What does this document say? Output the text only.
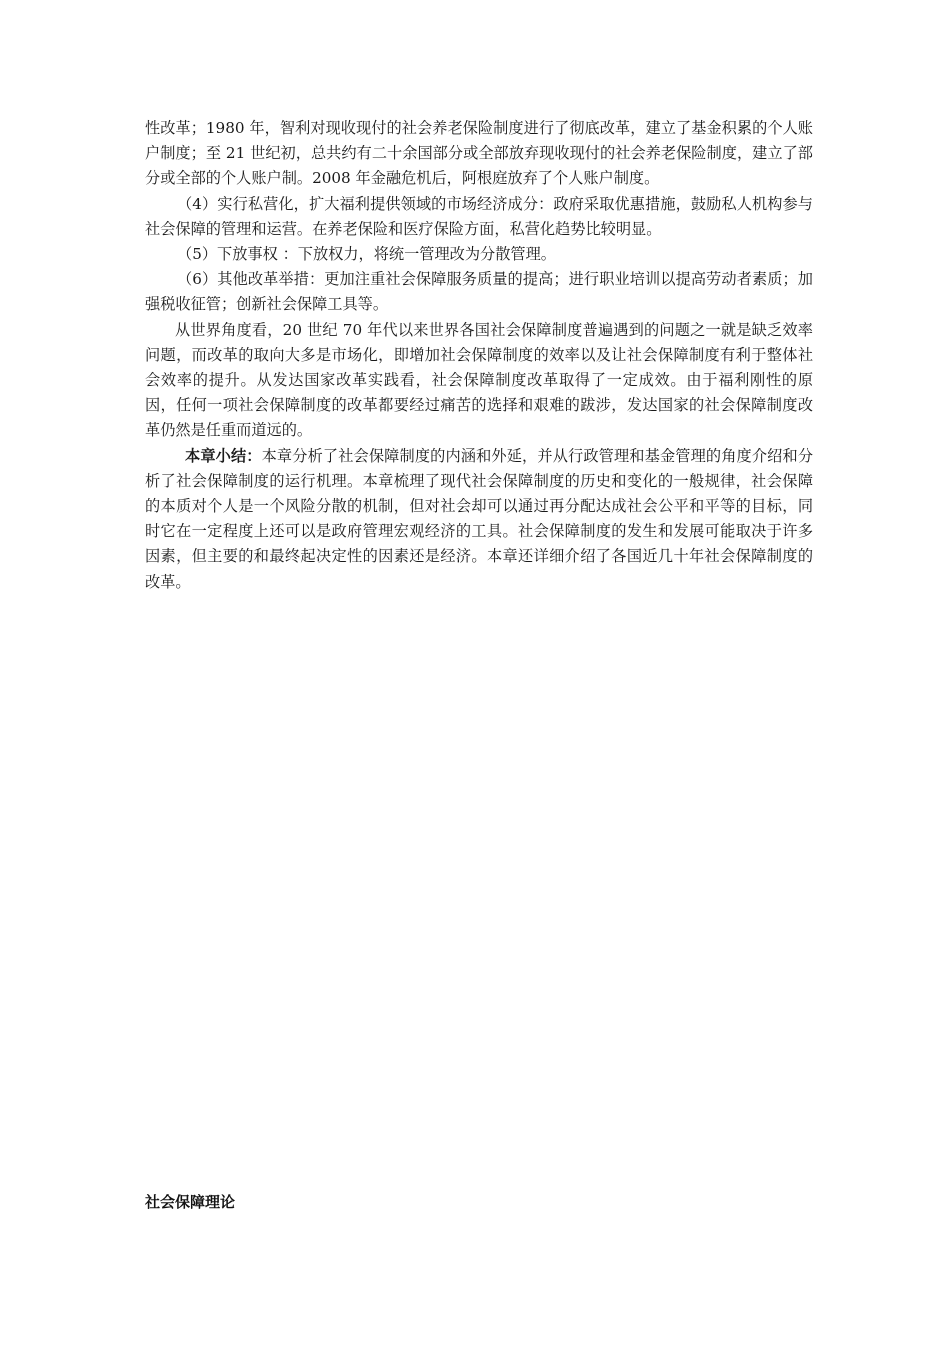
性改革；1980 年，智利对现收现付的社会养老保险制度进行了彻底改革，建立了基金积累的个人账户制度；至 21 世纪初，总共约有二十余国部分或全部放弃现收现付的社会养老保险制度，建立了部分或全部的个人账户制。2008 年金融危机后，阿根庭放弃了个人账户制度。

（4）实行私营化，扩大福利提供领域的市场经济成分：政府采取优惠措施，鼓励私人机构参与社会保障的管理和运营。在养老保险和医疗保险方面，私营化趋势比较明显。

（5）下放事权 ：下放权力，将统一管理改为分散管理。

（6）其他改革举措：更加注重社会保障服务质量的提高；进行职业培训以提高劳动者素质；加强税收征管；创新社会保障工具等。

从世界角度看，20 世纪 70 年代以来世界各国社会保障制度普遍遇到的问题之一就是缺乏效率问题，而改革的取向大多是市场化，即增加社会保障制度的效率以及让社会保障制度有利于整体社会效率的提升。从发达国家改革实践看，社会保障制度改革取得了一定成效。由于福利刚性的原因，任何一项社会保障制度的改革都要经过痛苦的选择和艰难的跋涉，发达国家的社会保障制度改革仍然是任重而道远的。

本章小结：本章分析了社会保障制度的内涵和外延，并从行政管理和基金管理的角度介绍和分析了社会保障制度的运行机理。本章梳理了现代社会保障制度的历史和变化的一般规律，社会保障的本质对个人是一个风险分散的机制，但对社会却可以通过再分配达成社会公平和平等的目标，同时它在一定程度上还可以是政府管理宏观经济的工具。社会保障制度的发生和发展可能取决于许多因素，但主要的和最终起决定性的因素还是经济。本章还详细介绍了各国近几十年社会保障制度的改革。

社会保障理论
